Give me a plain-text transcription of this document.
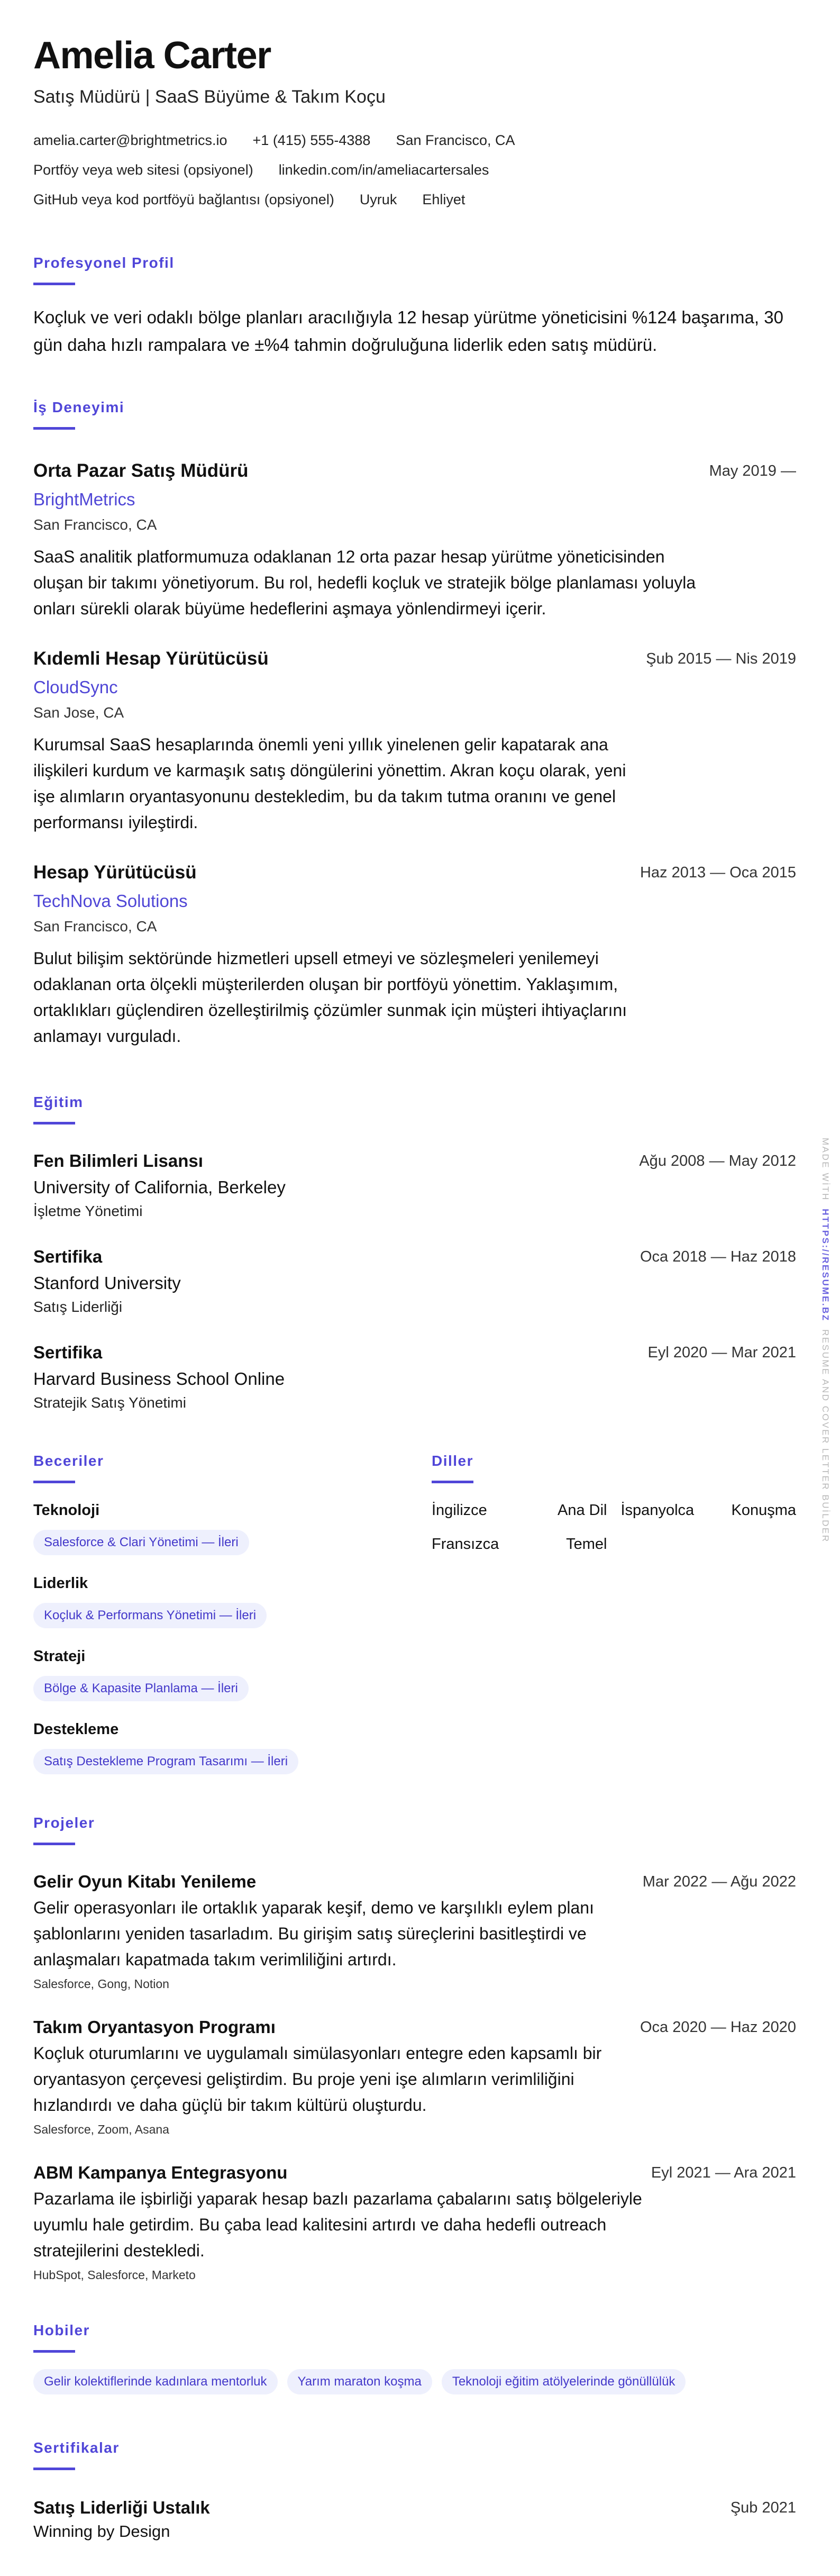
Amelia Carter
Satış Müdürü | SaaS Büyüme & Takım Koçu
amelia.carter@brightmetrics.io +1 (415) 555-4388 San Francisco, CA
Portföy veya web sitesi (opsiyonel) linkedin.com/in/ameliacartersales
GitHub veya kod portföyü bağlantısı (opsiyonel) Uyruk Ehliyet
Profesyonel Profil

Koçluk ve veri odaklı bölge planları aracılığıyla 12 hesap yürütme yöneticisini %124 başarıma, 30 gün daha hızlı rampalara ve ±%4 tahmin doğruluğuna liderlik eden satış müdürü.

İş Deneyimi
Orta Pazar Satış Müdürü
BrightMetrics
San Francisco, CA

SaaS analitik platformumuza odaklanan 12 orta pazar hesap yürütme yöneticisinden oluşan bir takımı yönetiyorum. Bu rol, hedefli koçluk ve stratejik bölge planlaması yoluyla onları sürekli olarak büyüme hedeflerini aşmaya yönlendirmeyi içerir.

May 2019 —
Kıdemli Hesap Yürütücüsü
CloudSync
San Jose, CA

Kurumsal SaaS hesaplarında önemli yeni yıllık yinelenen gelir kapatarak ana ilişkileri kurdum ve karmaşık satış döngülerini yönettim. Akran koçu olarak, yeni işe alımların oryantasyonunu destekledim, bu da takım tutma oranını ve genel performansı iyileştirdi.

Şub 2015 — Nis 2019
Hesap Yürütücüsü
TechNova Solutions
San Francisco, CA

Bulut bilişim sektöründe hizmetleri upsell etmeyi ve sözleşmeleri yenilemeyi odaklanan orta ölçekli müşterilerden oluşan bir portföyü yönettim. Yaklaşımım, ortaklıkları güçlendiren özelleştirilmiş çözümler sunmak için müşteri ihtiyaçlarını anlamayı vurguladı.

Haz 2013 — Oca 2015
Eğitim
Fen Bilimleri Lisansı
University of California, Berkeley
İşletme Yönetimi
Ağu 2008 — May 2012
Sertifika
Stanford University
Satış Liderliği
Oca 2018 — Haz 2018
Sertifika
Harvard Business School Online
Stratejik Satış Yönetimi
Eyl 2020 — Mar 2021
Beceriler
Teknoloji
Salesforce & Clari Yönetimi — İleri
Liderlik
Koçluk & Performans Yönetimi — İleri
Strateji
Bölge & Kapasite Planlama — İleri
Destekleme
Satış Destekleme Program Tasarımı — İleri
Diller
İngilizce	Ana Dil İspanyolca Konuşma
Fransızca	Temel
Projeler
Gelir Oyun Kitabı Yenileme

Gelir operasyonları ile ortaklık yaparak keşif, demo ve karşılıklı eylem planı şablonlarını yeniden tasarladım. Bu girişim satış süreçlerini basitleştirdi ve anlaşmaları kapatmada takım verimliliğini artırdı.

Salesforce, Gong, Notion
Mar 2022 — Ağu 2022
Takım Oryantasyon Programı

Koçluk oturumlarını ve uygulamalı simülasyonları entegre eden kapsamlı bir oryantasyon çerçevesi geliştirdim. Bu proje yeni işe alımların verimliliğini hızlandırdı ve daha güçlü bir takım kültürü oluşturdu.

Salesforce, Zoom, Asana
Oca 2020 — Haz 2020
ABM Kampanya Entegrasyonu

Pazarlama ile işbirliği yaparak hesap bazlı pazarlama çabalarını satış bölgeleriyle uyumlu hale getirdim. Bu çaba lead kalitesini artırdı ve daha hedefli outreach stratejilerini destekledi.

HubSpot, Salesforce, Marketo
Eyl 2021 — Ara 2021
Hobiler
Gelir kolektiflerinde kadınlara mentorluk	Yarım maraton koşma	Teknoloji eğitim atölyelerinde gönüllülük
Sertifikalar
Satış Liderliği Ustalık
Winning by Design
Şub 2021
MADE WİTH  HTTPS://RESUME.BZ  RESUME AND COVER LETTER BUİLDER
